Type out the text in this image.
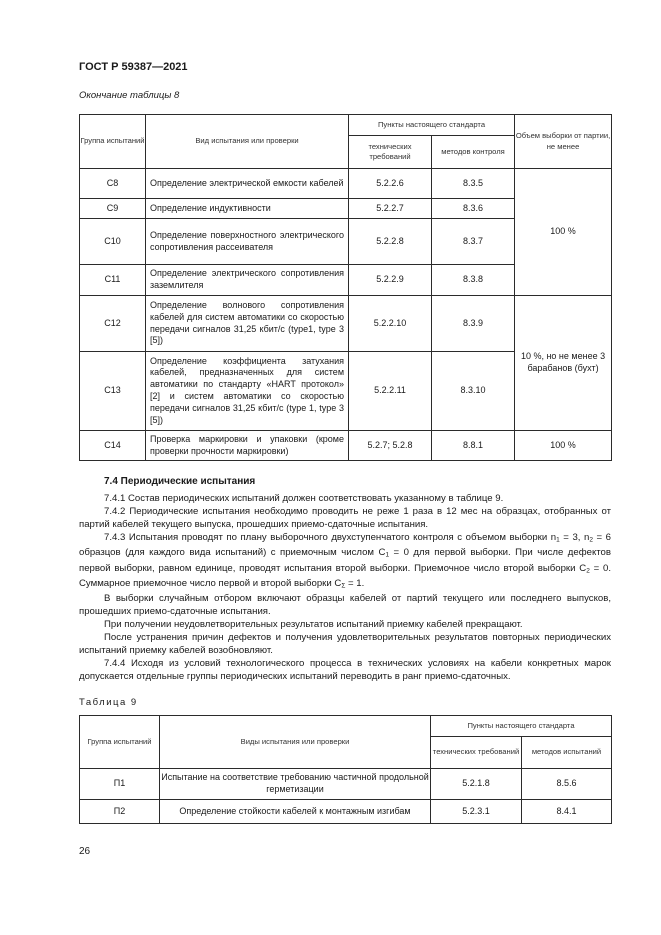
ГОСТ Р 59387—2021
Окончание таблицы 8
Группа испытаний	Вид испытания или проверки	Пункты настоящего стандарта		Объем выборки от партии, не менее
		технических требований	методов контроля	
С8	Определение электрической емкости кабелей	5.2.2.6	8.3.5	100 %
С9	Определение индуктивности	5.2.2.7	8.3.6	
С10	Определение поверхностного электрического сопротивления рассеивателя	5.2.2.8	8.3.7	
С11	Определение электрического сопротивления заземлителя	5.2.2.9	8.3.8	
С12	Определение волнового сопротивления кабелей для систем автоматики со скоростью передачи сигналов 31,25 кбит/с (type1, type 3 [5])	5.2.2.10	8.3.9	10 %, но не менее 3 барабанов (бухт)
С13	Определение коэффициента затухания кабелей, предназначенных для систем автоматики по стандарту «HART протокол» [2] и систем автоматики со скоростью передачи сигналов 31,25 кбит/с (type 1, type 3 [5])	5.2.2.11	8.3.10	
С14	Проверка маркировки и упаковки (кроме проверки прочности маркировки)	5.2.7; 5.2.8	8.8.1	100 %
7.4 Периодические испытания

7.4.1 Состав периодических испытаний должен соответствовать указанному в таблице 9.

7.4.2 Периодические испытания необходимо проводить не реже 1 раза в 12 мес на образцах, отобранных от партий кабелей текущего выпуска, прошедших приемо-сдаточные испытания.

7.4.3 Испытания проводят по плану выборочного двухступенчатого контроля с объемом выборки $n_1 = 3$, $n_2 = 6$ образцов (для каждого вида испытаний) с приемочным числом $C_1 = 0$ для первой выборки. При числе дефектов первой выборки, равном единице, проводят испытания второй выборки. Приемочное число второй выборки $C_2 = 0$. Суммарное приемочное число первой и второй выборки $C_\Sigma = 1$.

В выборки случайным отбором включают образцы кабелей от партий текущего или последнего выпусков, прошедших приемо-сдаточные испытания.

При получении неудовлетворительных результатов испытаний приемку кабелей прекращают.

После устранения причин дефектов и получения удовлетворительных результатов повторных периодических испытаний приемку кабелей возобновляют.

7.4.4 Исходя из условий технологического процесса в технических условиях на кабели конкретных марок допускается отдельные группы периодических испытаний переводить в ранг приемо-сдаточных.

Таблица 9
Группа испытаний	Виды испытания или проверки	Пункты настоящего стандарта	
		технических требований	методов испытаний
П1	Испытание на соответствие требованию частичной продольной герметизации	5.2.1.8	8.5.6
П2	Определение стойкости кабелей к монтажным изгибам	5.2.3.1	8.4.1
26
